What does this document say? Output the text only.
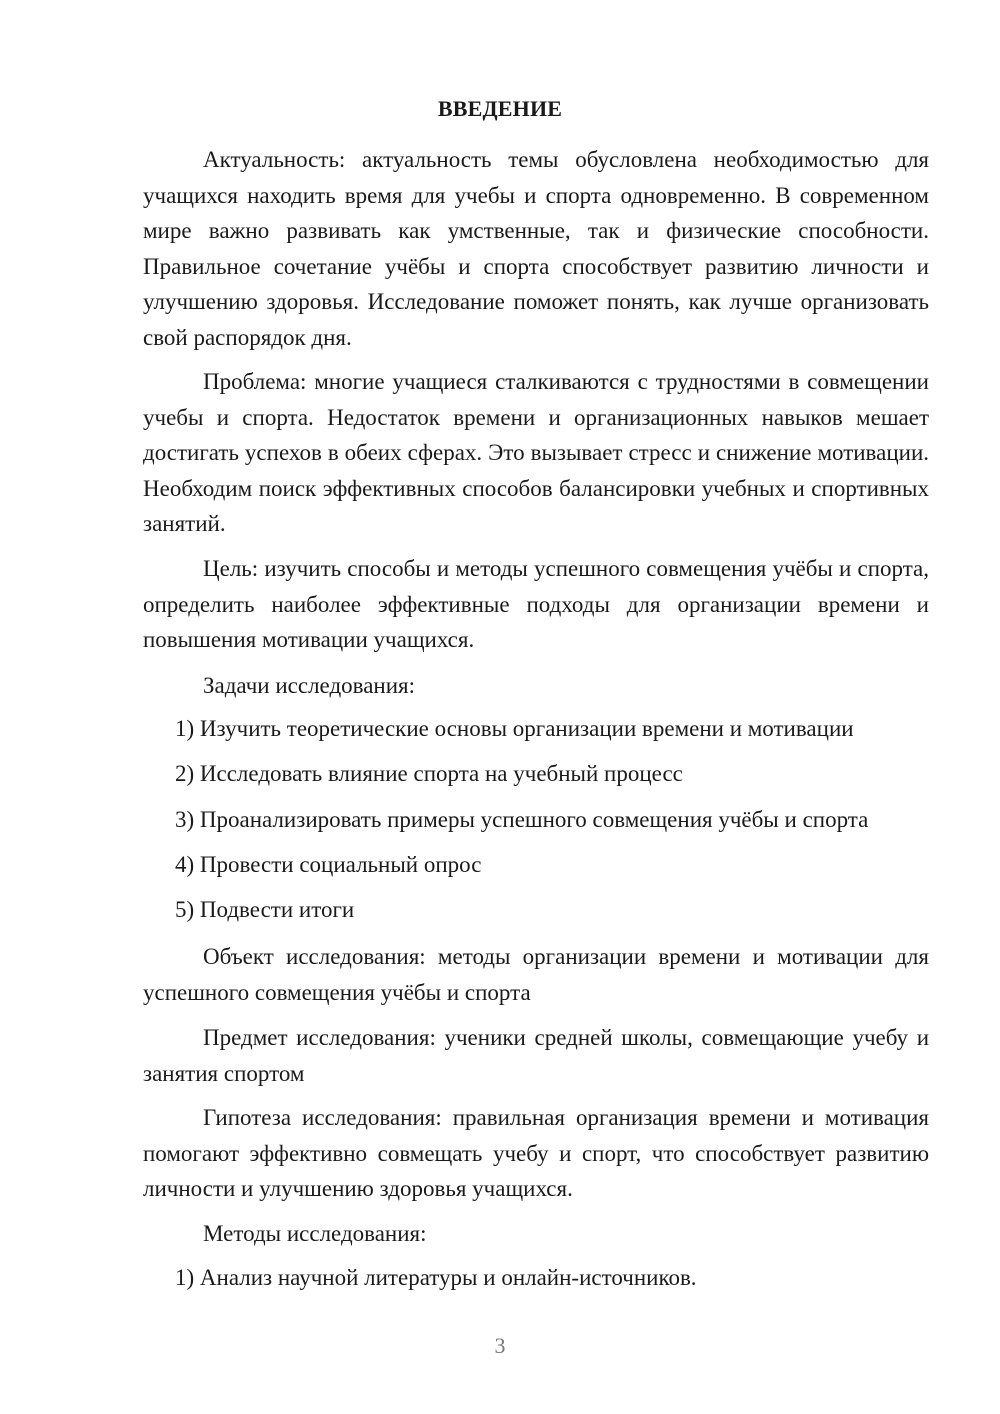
ВВЕДЕНИЕ

Актуальность: актуальность темы обусловлена необходимостью для учащихся находить время для учебы и спорта одновременно. В современном мире важно развивать как умственные, так и физические способности. Правильное сочетание учёбы и спорта способствует развитию личности и улучшению здоровья. Исследование поможет понять, как лучше организовать свой распорядок дня.

Проблема: многие учащиеся сталкиваются с трудностями в совмещении учебы и спорта. Недостаток времени и организационных навыков мешает достигать успехов в обеих сферах. Это вызывает стресс и снижение мотивации. Необходим поиск эффективных способов балансировки учебных и спортивных занятий.

Цель: изучить способы и методы успешного совмещения учёбы и спорта, определить наиболее эффективные подходы для организации времени и повышения мотивации учащихся.

Задачи исследования:

1) Изучить теоретические основы организации времени и мотивации

2) Исследовать влияние спорта на учебный процесс

3) Проанализировать примеры успешного совмещения учёбы и спорта

4) Провести социальный опрос

5) Подвести итоги

Объект исследования: методы организации времени и мотивации для успешного совмещения учёбы и спорта

Предмет исследования: ученики средней школы, совмещающие учебу и занятия спортом

Гипотеза исследования: правильная организация времени и мотивация помогают эффективно совмещать учебу и спорт, что способствует развитию личности и улучшению здоровья учащихся.

Методы исследования:

1) Анализ научной литературы и онлайн-источников.

3
